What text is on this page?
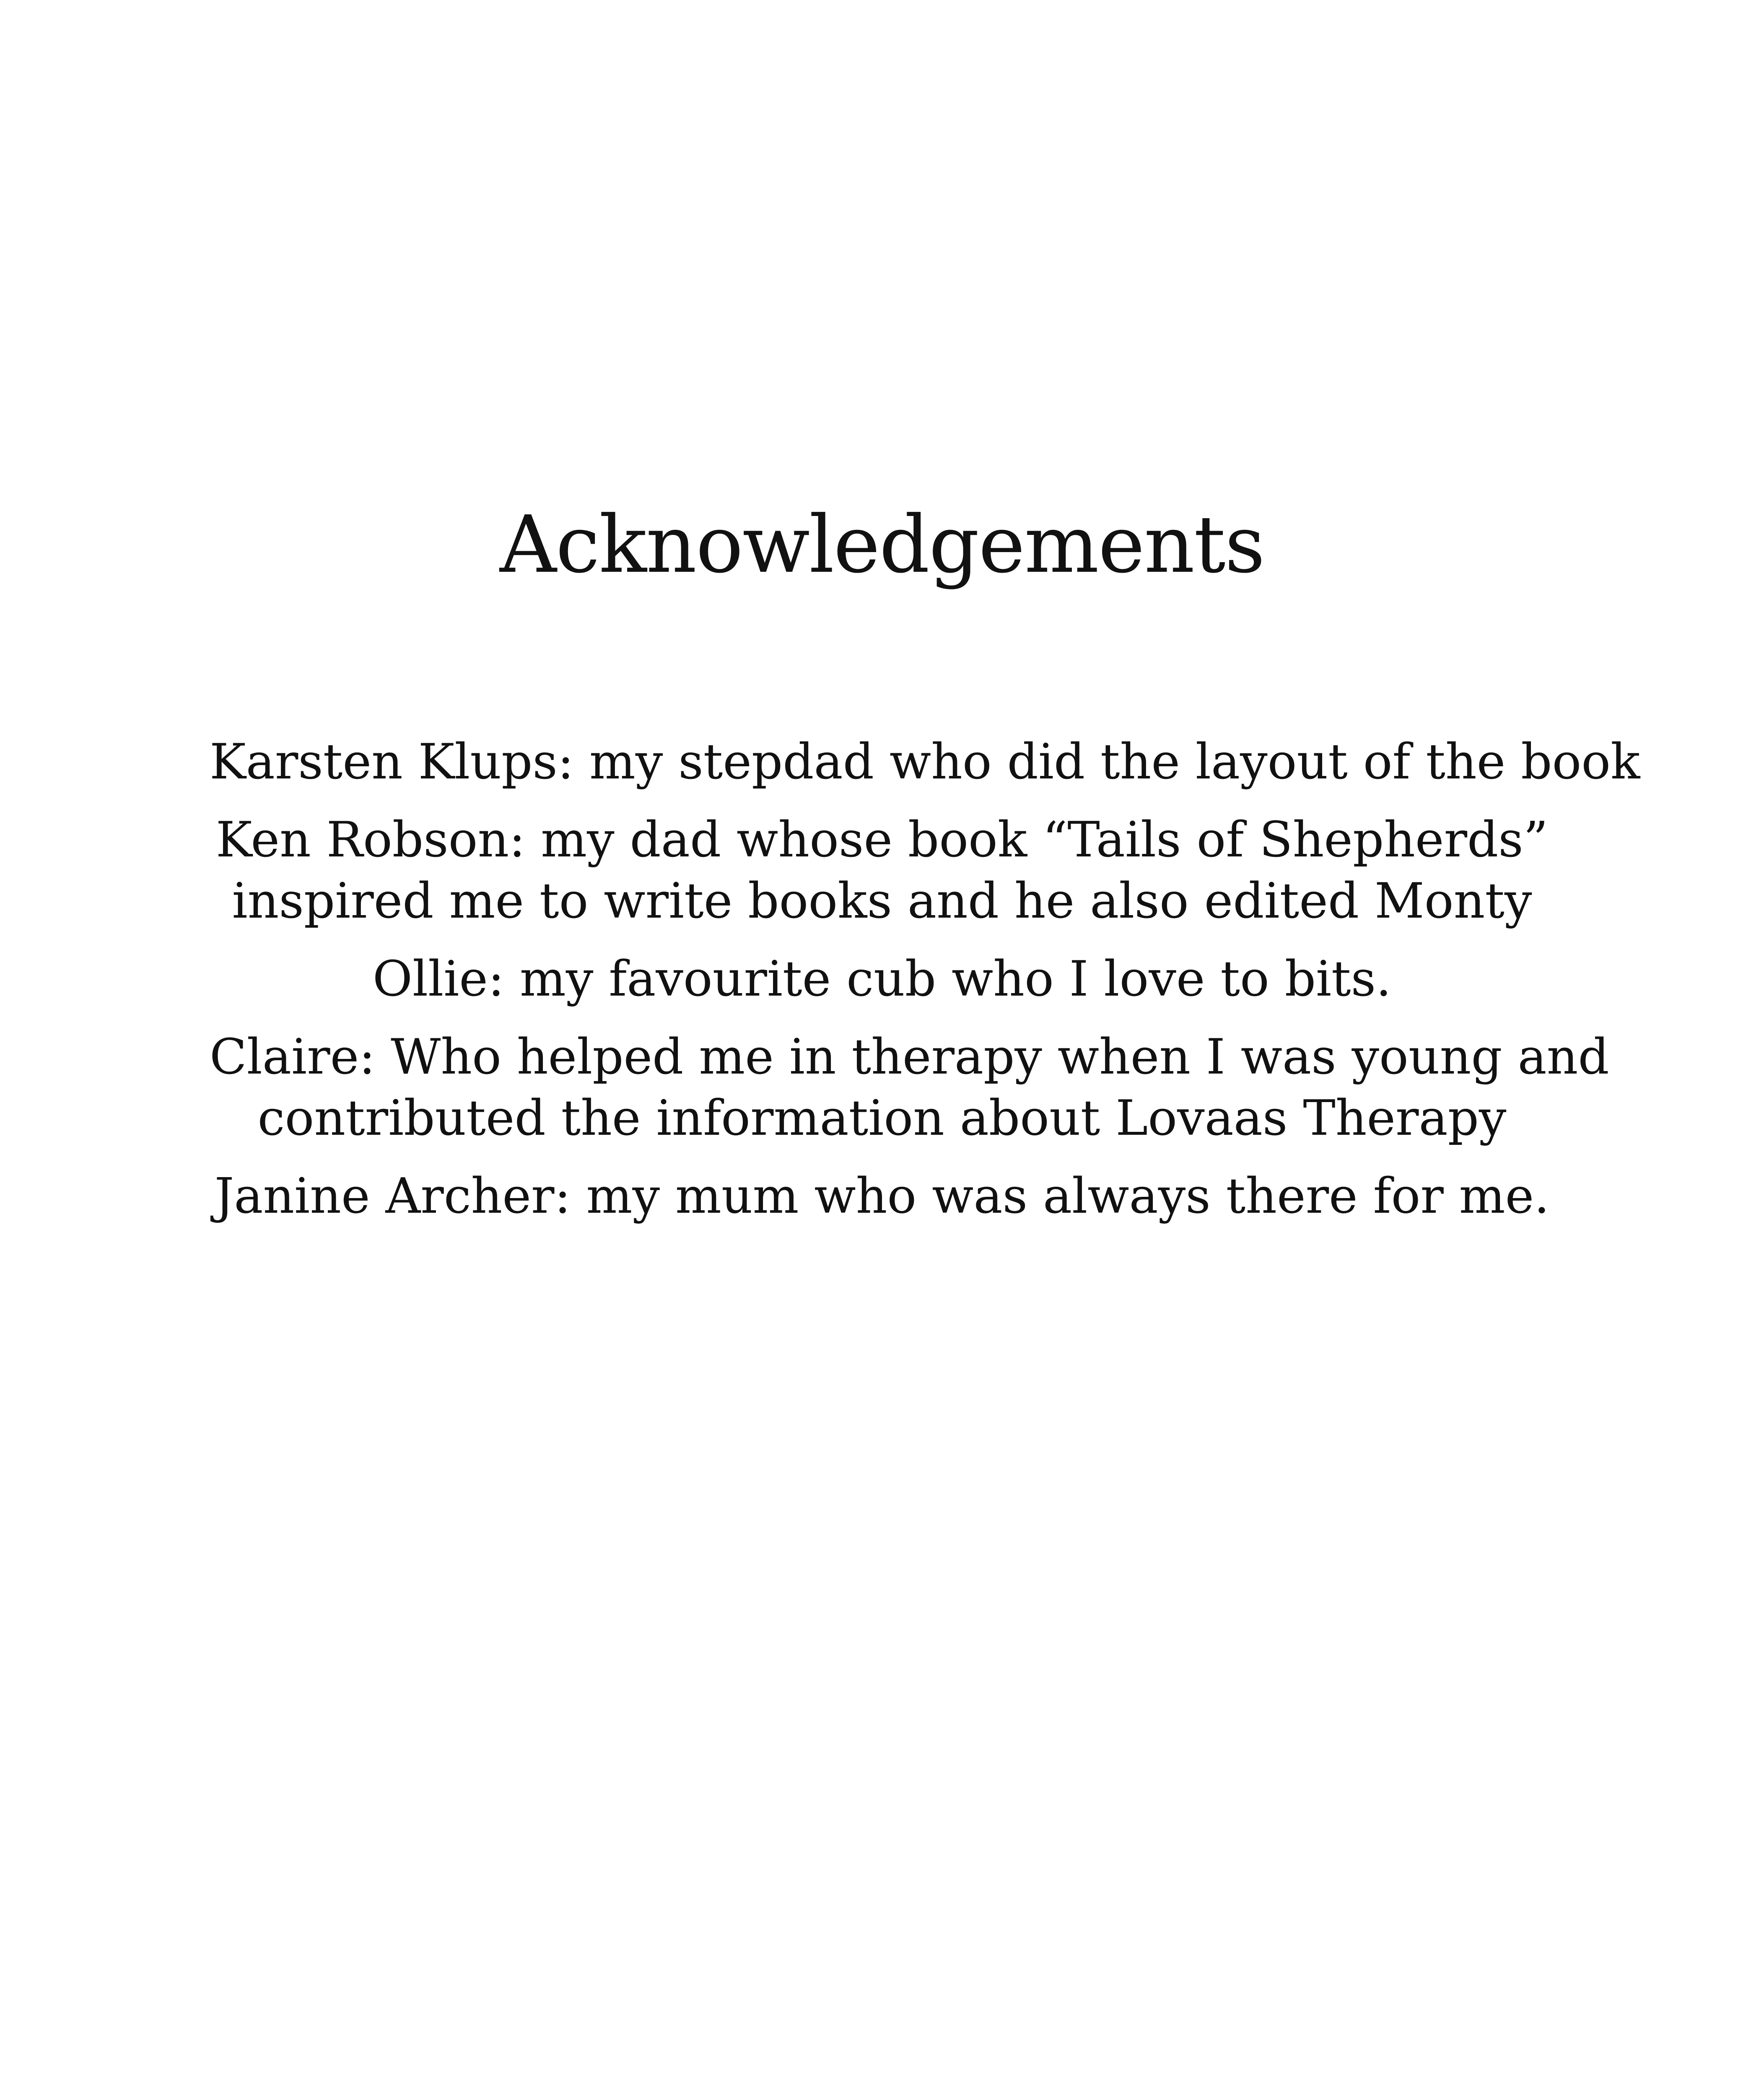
Acknowledgements
Karsten Klups: my stepdad who did the layout of the book
Ken Robson: my dad whose book “Tails of Shepherds”
inspired me to write books and he also edited Monty
Ollie: my favourite cub who I love to bits.
Claire: Who helped me in therapy when I was young and
contributed the information about Lovaas Therapy
Janine Archer: my mum who was always there for me.
